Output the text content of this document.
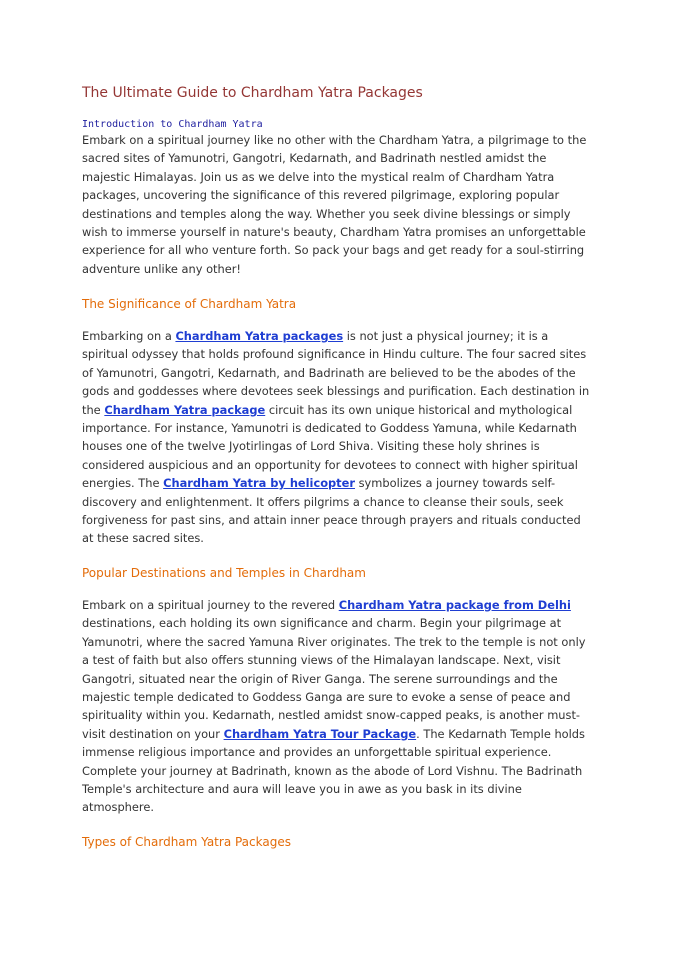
The Ultimate Guide to Chardham Yatra Packages
Introduction to Chardham Yatra

Embark on a spiritual journey like no other with the Chardham Yatra, a pilgrimage to the sacred sites of Yamunotri, Gangotri, Kedarnath, and Badrinath nestled amidst the majestic Himalayas. Join us as we delve into the mystical realm of Chardham Yatra packages, uncovering the significance of this revered pilgrimage, exploring popular destinations and temples along the way. Whether you seek divine blessings or simply wish to immerse yourself in nature's beauty, Chardham Yatra promises an unforgettable experience for all who venture forth. So pack your bags and get ready for a soul-stirring adventure unlike any other!

The Significance of Chardham Yatra

Embarking on a Chardham Yatra packages is not just a physical journey; it is a spiritual odyssey that holds profound significance in Hindu culture. The four sacred sites of Yamunotri, Gangotri, Kedarnath, and Badrinath are believed to be the abodes of the gods and goddesses where devotees seek blessings and purification. Each destination in the Chardham Yatra package circuit has its own unique historical and mythological importance. For instance, Yamunotri is dedicated to Goddess Yamuna, while Kedarnath houses one of the twelve Jyotirlingas of Lord Shiva. Visiting these holy shrines is considered auspicious and an opportunity for devotees to connect with higher spiritual energies. The Chardham Yatra by helicopter symbolizes a journey towards self-discovery and enlightenment. It offers pilgrims a chance to cleanse their souls, seek forgiveness for past sins, and attain inner peace through prayers and rituals conducted at these sacred sites.

Popular Destinations and Temples in Chardham

Embark on a spiritual journey to the revered Chardham Yatra package from Delhi destinations, each holding its own significance and charm. Begin your pilgrimage at Yamunotri, where the sacred Yamuna River originates. The trek to the temple is not only a test of faith but also offers stunning views of the Himalayan landscape. Next, visit Gangotri, situated near the origin of River Ganga. The serene surroundings and the majestic temple dedicated to Goddess Ganga are sure to evoke a sense of peace and spirituality within you. Kedarnath, nestled amidst snow-capped peaks, is another must-visit destination on your Chardham Yatra Tour Package. The Kedarnath Temple holds immense religious importance and provides an unforgettable spiritual experience. Complete your journey at Badrinath, known as the abode of Lord Vishnu. The Badrinath Temple's architecture and aura will leave you in awe as you bask in its divine atmosphere.

Types of Chardham Yatra Packages
